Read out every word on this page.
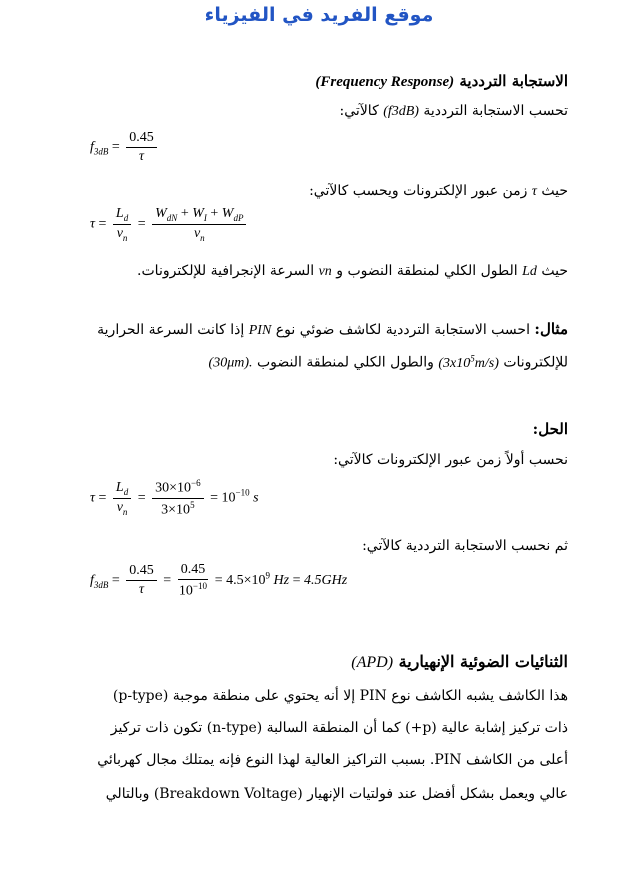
موقع الفريد في الفيزياء
الاستجابة الترددية (Frequency Response)
تحسب الاستجابة الترددية (f3dB) كالآتي:
$f_{3dB} = \frac{0.45}{\tau}$
حيث τ زمن عبور الإلكترونات ويحسب كالآتي:
$\tau = \frac{L_d}{v_n} = \frac{W_{dN} + W_I + W_{dP}}{v_n}$
حيث Ld الطول الكلي لمنطقة النضوب و vn السرعة الإنجرافية للإلكترونات.
مثال: احسب الاستجابة الترددية لكاشف ضوئي نوع PIN إذا كانت السرعة الحرارية
للإلكترونات $(3x10^5m/s)$ والطول الكلي لمنطقة النضوب (30μm).
الحل:
نحسب أولاً زمن عبور الإلكترونات كالآتي:
$\tau = \frac{L_d}{v_n} = \frac{30\times 10^{-6}}{3\times 10^5} = 10^{-10}$ s
ثم نحسب الاستجابة الترددية كالآتي:
$f_{3dB} = \frac{0.45}{\tau} = \frac{0.45}{10^{-10}} = 4.5\times 10^9$ Hz = 4.5GHz
الثنائيات الضوئية الإنهيارية (APD)
هذا الكاشف يشبه الكاشف نوع PIN إلا أنه يحتوي على منطقة موجبة (p-type)
ذات تركيز إشابة عالية (p+) كما أن المنطقة السالبة (n-type) تكون ذات تركيز
أعلى من الكاشف PIN. بسبب التراكيز العالية لهذا النوع فإنه يمتلك مجال كهربائي
عالي ويعمل بشكل أفضل عند فولتيات الإنهيار (Breakdown Voltage) وبالتالي
